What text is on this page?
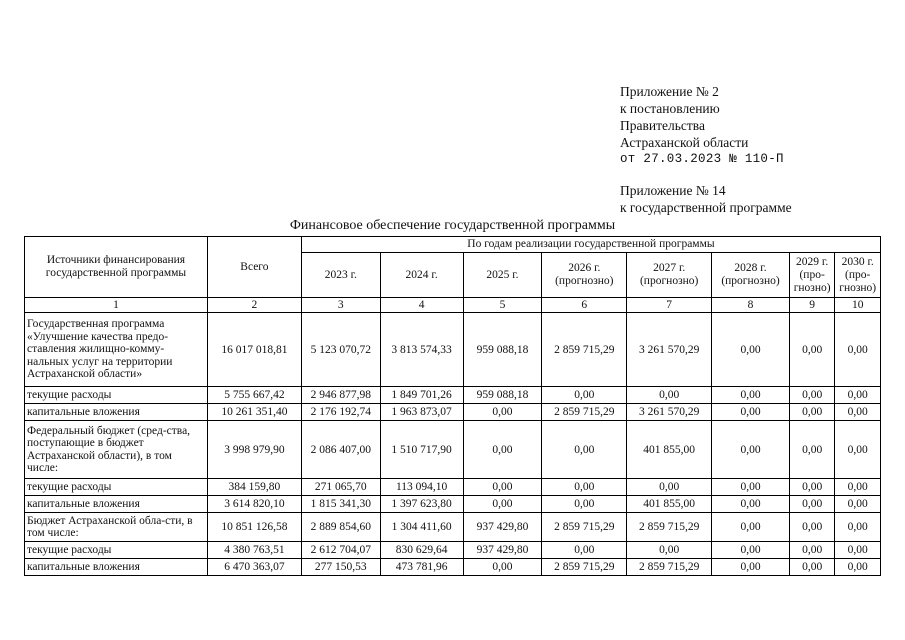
Приложение № 2
к постановлению
Правительства
Астраханской области
от 27.03.2023 № 110-П
Приложение № 14
к государственной программе
Финансовое обеспечение государственной программы
Источники финансирования государственной программы	Всего	По годам реализации государственной программы							
		2023 г.	2024 г.	2025 г.	2026 г. (прогнозно)	2027 г. (прогнозно)	2028 г. (прогнозно)	2029 г. (про-гнозно)	2030 г. (про-гнозно)
1	2	3	4	5	6	7	8	9	10
Государственная программа «Улучшение качества предо-ставления жилищно-комму-нальных услуг на территории Астраханской области»	16 017 018,81	5 123 070,72	3 813 574,33	959 088,18	2 859 715,29	3 261 570,29	0,00	0,00	0,00
текущие расходы	5 755 667,42	2 946 877,98	1 849 701,26	959 088,18	0,00	0,00	0,00	0,00	0,00
капитальные вложения	10 261 351,40	2 176 192,74	1 963 873,07	0,00	2 859 715,29	3 261 570,29	0,00	0,00	0,00
Федеральный бюджет (сред-ства, поступающие в бюджет Астраханской области), в том числе:	3 998 979,90	2 086 407,00	1 510 717,90	0,00	0,00	401 855,00	0,00	0,00	0,00
текущие расходы	384 159,80	271 065,70	113 094,10	0,00	0,00	0,00	0,00	0,00	0,00
капитальные вложения	3 614 820,10	1 815 341,30	1 397 623,80	0,00	0,00	401 855,00	0,00	0,00	0,00
Бюджет Астраханской обла-сти, в том числе:	10 851 126,58	2 889 854,60	1 304 411,60	937 429,80	2 859 715,29	2 859 715,29	0,00	0,00	0,00
текущие расходы	4 380 763,51	2 612 704,07	830 629,64	937 429,80	0,00	0,00	0,00	0,00	0,00
капитальные вложения	6 470 363,07	277 150,53	473 781,96	0,00	2 859 715,29	2 859 715,29	0,00	0,00	0,00
